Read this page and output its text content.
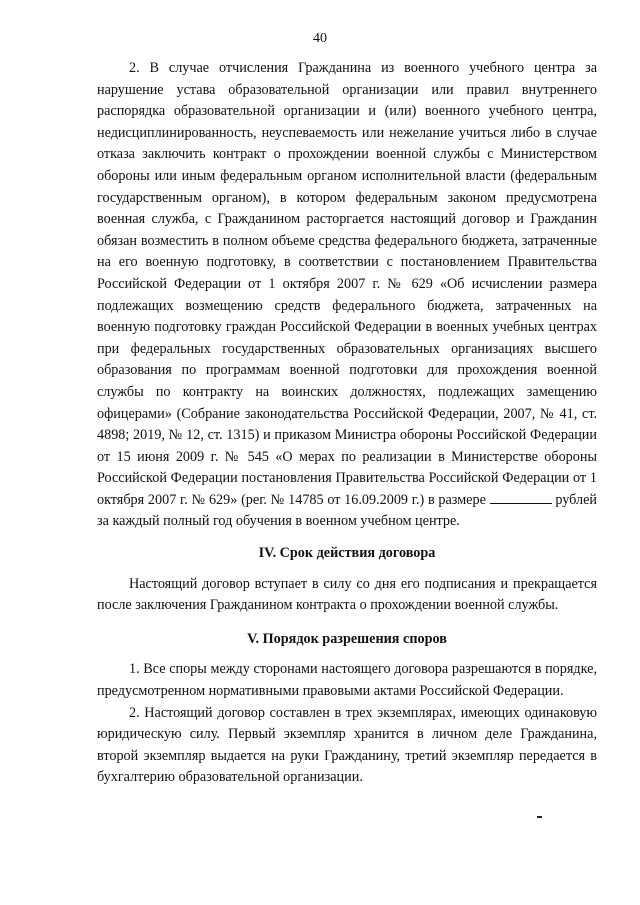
40

2. В случае отчисления Гражданина из военного учебного центра за нарушение устава образовательной организации или правил внутреннего распорядка образовательной организации и (или) военного учебного центра, недисциплинированность, неуспеваемость или нежелание учиться либо в случае отказа заключить контракт о прохождении военной службы с Министерством обороны или иным федеральным органом исполнительной власти (федеральным государственным органом), в котором федеральным законом предусмотрена военная служба, с Гражданином расторгается настоящий договор и Гражданин обязан возместить в полном объеме средства федерального бюджета, затраченные на его военную подготовку, в соответствии с постановлением Правительства Российской Федерации от 1 октября 2007 г. № 629 «Об исчислении размера подлежащих возмещению средств федерального бюджета, затраченных на военную подготовку граждан Российской Федерации в военных учебных центрах при федеральных государственных образовательных организациях высшего образования по программам военной подготовки для прохождения военной службы по контракту на воинских должностях, подлежащих замещению офицерами» (Собрание законодательства Российской Федерации, 2007, № 41, ст. 4898; 2019, № 12, ст. 1315) и приказом Министра обороны Российской Федерации от 15 июня 2009 г. № 545 «О мерах по реализации в Министерстве обороны Российской Федерации постановления Правительства Российской Федерации от 1 октября 2007 г. № 629» (рег. № 14785 от 16.09.2009 г.) в размере	рублей за каждый полный год обучения в военном учебном центре.

IV. Срок действия договора

Настоящий договор вступает в силу со дня его подписания и прекращается после заключения Гражданином контракта о прохождении военной службы.

V. Порядок разрешения споров

1. Все споры между сторонами настоящего договора разрешаются в порядке, предусмотренном нормативными правовыми актами Российской Федерации.

2. Настоящий договор составлен в трех экземплярах, имеющих одинаковую юридическую силу. Первый экземпляр хранится в личном деле Гражданина, второй экземпляр выдается на руки Гражданину, третий экземпляр передается в бухгалтерию образовательной организации.
